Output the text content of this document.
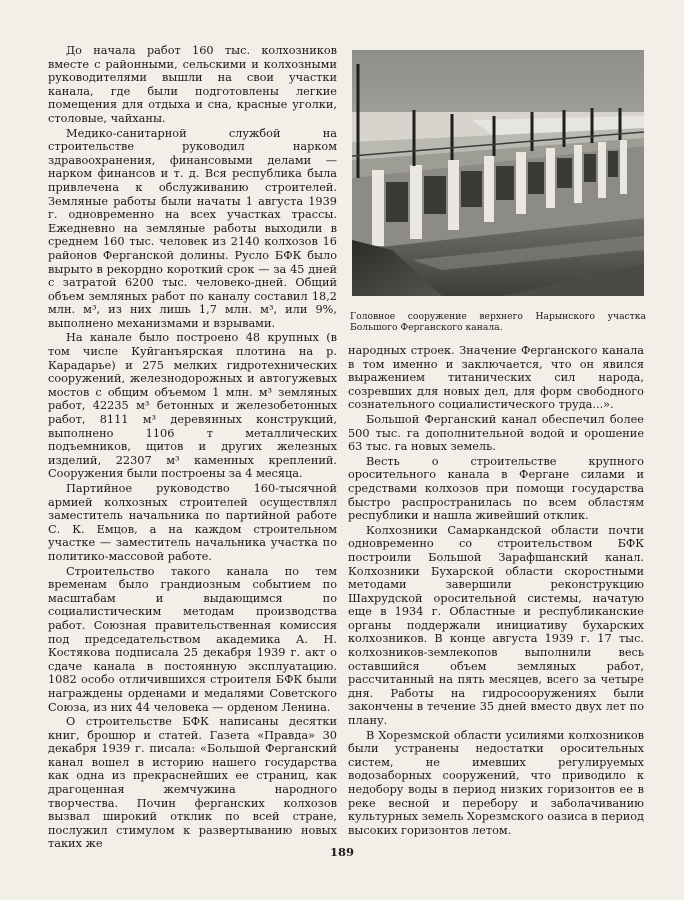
До начала работ 160 тыс. колхозников вместе с районными, сельскими и колхозными руководителями вышли на свои участки канала, где были подготовлены легкие помещения для отдыха и сна, красные уголки, столовые, чайханы.

Медико-санитарной службой на строительстве руководил нарком здравоохранения, финансовыми делами — нарком финансов и т. д. Вся республика была привлечена к обслуживанию строителей. Земляные работы были начаты 1 августа 1939 г. одновременно на всех участках трассы. Ежедневно на земляные работы выходили в среднем 160 тыс. человек из 2140 колхозов 16 районов Ферганской долины. Русло БФК было вырыто в рекордно короткий срок — за 45 дней с затратой 6200 тыс. человеко-дней. Общий объем земляных работ по каналу составил 18,2 млн. м³, из них лишь 1,7 млн. м³, или 9%, выполнено механизмами и взрывами.

На канале было построено 48 крупных (в том числе Куйганъярская плотина на р. Карадарье) и 275 мелких гидротехнических сооружений, железнодорожных и автогужевых мостов с общим объемом 1 млн. м³ земляных работ, 42235 м³ бетонных и железобетонных работ, 8111 м³ деревянных конструкций, выполнено 1106 т металлических подъемников, щитов и других железных изделий, 22307 м³ каменных креплений. Сооружения были построены за 4 месяца.

Партийное руководство 160-тысячной армией колхозных строителей осуществлял заместитель начальника по партийной работе С. К. Емцов, а на каждом строительном участке — заместитель начальника участка по политико-массовой работе.

Строительство такого канала по тем временам было грандиозным событием по масштабам и выдающимся по социалистическим методам производства работ. Союзная правительственная комиссия под председательством академика А. Н. Костякова подписала 25 декабря 1939 г. акт о сдаче канала в постоянную эксплуатацию. 1082 особо отличившихся строителя БФК были награждены орденами и медалями Советского Союза, из них 44 человека — орденом Ленина.

О строительстве БФК написаны десятки книг, брошюр и статей. Газета «Правда» 30 декабря 1939 г. писала: «Большой Ферганский канал вошел в историю нашего государства как одна из прекраснейших ее страниц, как драгоценная жемчужина народного творчества. Почин ферганских колхозов вызвал широкий отклик по всей стране, послужил стимулом к развертыванию новых таких же

Головное сооружение верхнего Нарынского участка Большого Ферганского канала.

народных строек. Значение Ферганского канала в том именно и заключается, что он явился выражением титанических сил народа, созревших для новых дел, для форм свободного сознательного социалистического труда...».

Большой Ферганский канал обеспечил более 500 тыс. га дополнительной водой и орошение 63 тыс. га новых земель.

Весть о строительстве крупного оросительного канала в Фергане силами и средствами колхозов при помощи государства быстро распространилась по всем областям республики и нашла живейший отклик.

Колхозники Самаркандской области почти одновременно со строительством БФК построили Большой Зарафшанский канал. Колхозники Бухарской области скоростными методами завершили реконструкцию Шахрудской оросительной системы, начатую еще в 1934 г. Областные и республиканские органы поддержали инициативу бухарских колхозников. В конце августа 1939 г. 17 тыс. колхозников-землекопов выполнили весь оставшийся объем земляных работ, рассчитанный на пять месяцев, всего за четыре дня. Работы на гидросооружениях были закончены в течение 35 дней вместо двух лет по плану.

В Хорезмской области усилиями колхозников были устранены недостатки оросительных систем, не имевших регулируемых водозаборных сооружений, что приводило к недобору воды в период низких горизонтов ее в реке весной и перебору и заболачиванию культурных земель Хорезмского оазиса в период высоких горизонтов летом.

189
